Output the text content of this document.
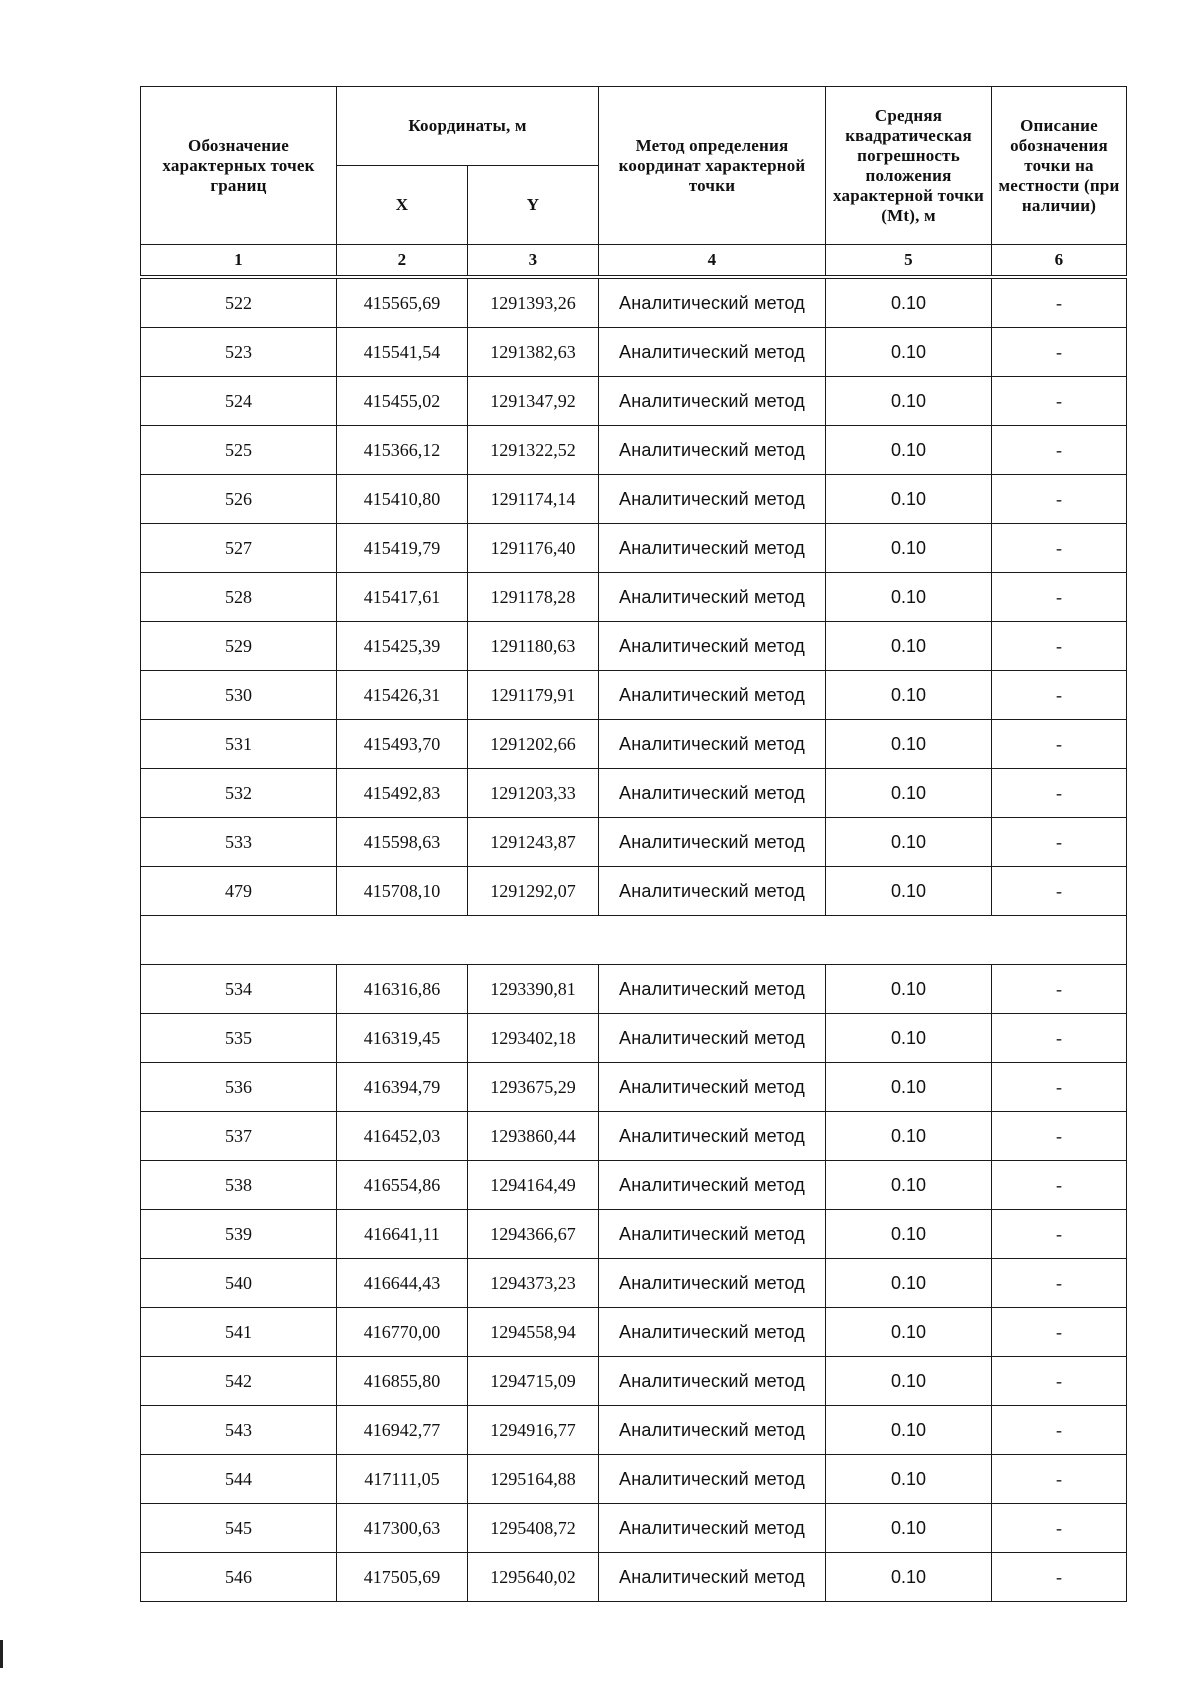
Обозначение характерных точек границ	Координаты, м		Метод определения координат характерной точки	Средняя квадратическая погрешность положения характерной точки (Mt), м	Описание обозначения точки на местности (при наличии)
	X	Y			
1	2	3	4	5	6
522	415565,69	1291393,26	Аналитический метод	0.10	-
523	415541,54	1291382,63	Аналитический метод	0.10	-
524	415455,02	1291347,92	Аналитический метод	0.10	-
525	415366,12	1291322,52	Аналитический метод	0.10	-
526	415410,80	1291174,14	Аналитический метод	0.10	-
527	415419,79	1291176,40	Аналитический метод	0.10	-
528	415417,61	1291178,28	Аналитический метод	0.10	-
529	415425,39	1291180,63	Аналитический метод	0.10	-
530	415426,31	1291179,91	Аналитический метод	0.10	-
531	415493,70	1291202,66	Аналитический метод	0.10	-
532	415492,83	1291203,33	Аналитический метод	0.10	-
533	415598,63	1291243,87	Аналитический метод	0.10	-
479	415708,10	1291292,07	Аналитический метод	0.10	-

534	416316,86	1293390,81	Аналитический метод	0.10	-
535	416319,45	1293402,18	Аналитический метод	0.10	-
536	416394,79	1293675,29	Аналитический метод	0.10	-
537	416452,03	1293860,44	Аналитический метод	0.10	-
538	416554,86	1294164,49	Аналитический метод	0.10	-
539	416641,11	1294366,67	Аналитический метод	0.10	-
540	416644,43	1294373,23	Аналитический метод	0.10	-
541	416770,00	1294558,94	Аналитический метод	0.10	-
542	416855,80	1294715,09	Аналитический метод	0.10	-
543	416942,77	1294916,77	Аналитический метод	0.10	-
544	417111,05	1295164,88	Аналитический метод	0.10	-
545	417300,63	1295408,72	Аналитический метод	0.10	-
546	417505,69	1295640,02	Аналитический метод	0.10	-
